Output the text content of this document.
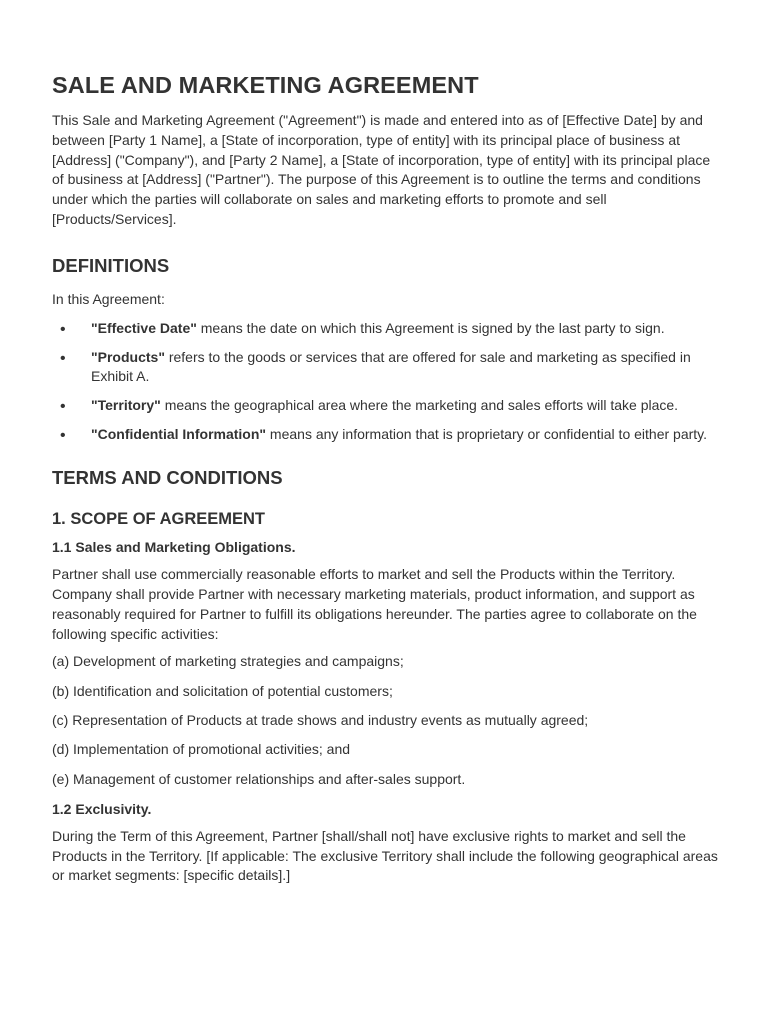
SALE AND MARKETING AGREEMENT

This Sale and Marketing Agreement ("Agreement") is made and entered into as of [Effective Date] by and between [Party 1 Name], a [State of incorporation, type of entity] with its principal place of business at [Address] ("Company"), and [Party 2 Name], a [State of incorporation, type of entity] with its principal place of business at [Address] ("Partner"). The purpose of this Agreement is to outline the terms and conditions under which the parties will collaborate on sales and marketing efforts to promote and sell [Products/Services].

DEFINITIONS

In this Agreement:

• "Effective Date" means the date on which this Agreement is signed by the last party to sign.
• "Products" refers to the goods or services that are offered for sale and marketing as specified in Exhibit A.
• "Territory" means the geographical area where the marketing and sales efforts will take place.
• "Confidential Information" means any information that is proprietary or confidential to either party.
TERMS AND CONDITIONS
1. SCOPE OF AGREEMENT
1.1 Sales and Marketing Obligations.

Partner shall use commercially reasonable efforts to market and sell the Products within the Territory. Company shall provide Partner with necessary marketing materials, product information, and support as reasonably required for Partner to fulfill its obligations hereunder. The parties agree to collaborate on the following specific activities:

(a) Development of marketing strategies and campaigns;

(b) Identification and solicitation of potential customers;

(c) Representation of Products at trade shows and industry events as mutually agreed;

(d) Implementation of promotional activities; and

(e) Management of customer relationships and after-sales support.

1.2 Exclusivity.

During the Term of this Agreement, Partner [shall/shall not] have exclusive rights to market and sell the Products in the Territory. [If applicable: The exclusive Territory shall include the following geographical areas or market segments: [specific details].]
